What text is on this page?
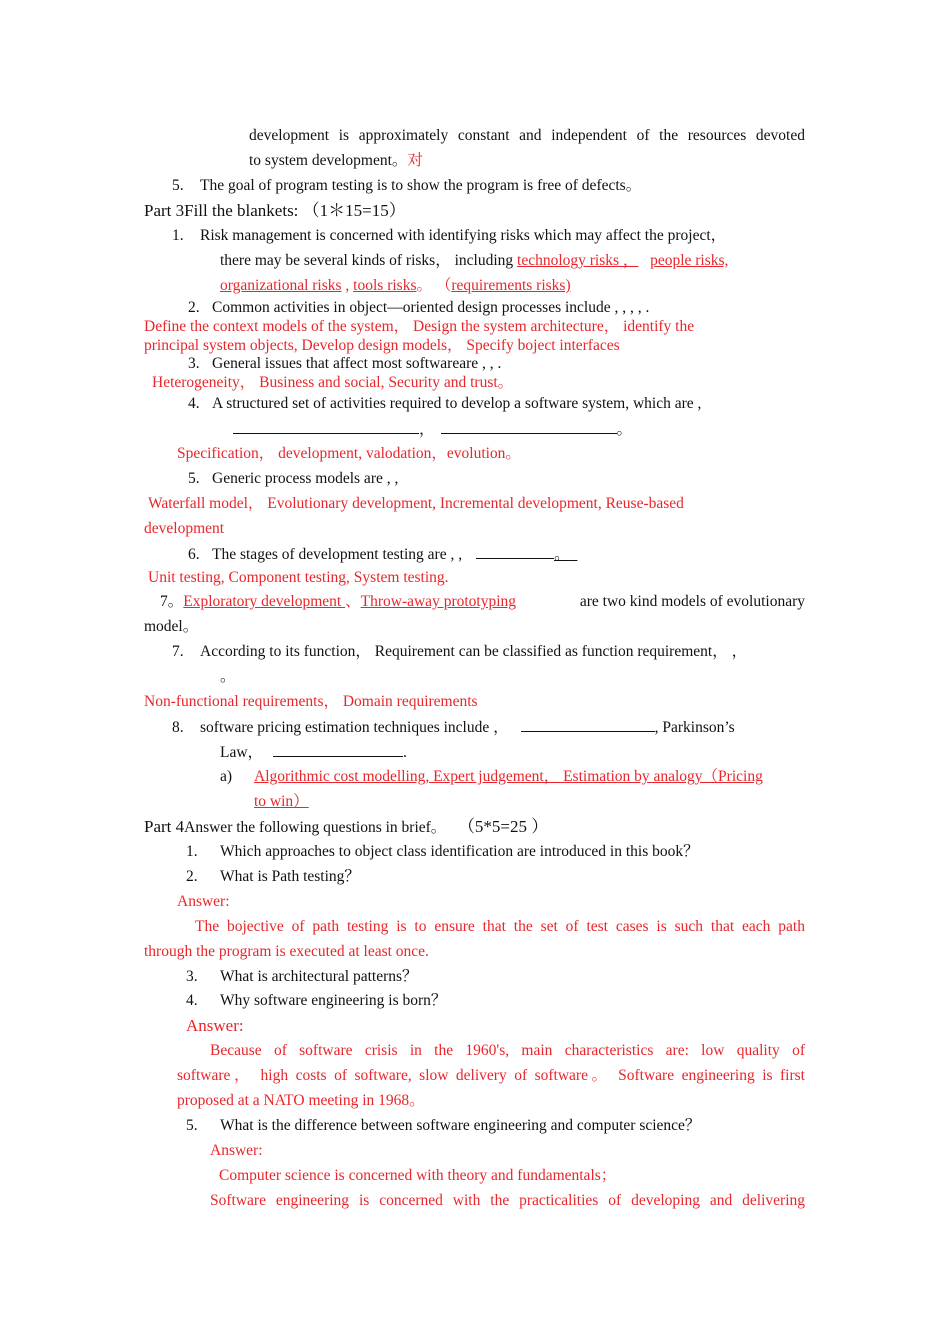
development is approximately constant and independent of the resources devoted
to system development。对
5. The goal of program testing is to show the program is free of defects。
Part 3Fill the blankets: （1＊15=15）
1. Risk management is concerned with identifying risks which may affect the project，
there may be several kinds of risks， including technology risks ， people risks,
organizational risks , tools risks。 （requirements risks)
2. Common activities in object—oriented design processes include , , , , .
Define the context models of the system， Design the system architecture， identify the
principal system objects, Develop design models， Specify boject interfaces
3. General issues that affect most softwareare , , .
Heterogeneity， Business and social, Security and trust。
4. A structured set of activities required to develop a software system, which are ,
，	。
Specification， development, valodation，evolution。
5. Generic process models are , ,
Waterfall model， Evolutionary development, Incremental development, Reuse-based
development
6. The stages of development testing are , ,	。
Unit testing, Component testing, System testing.
7。Exploratory development 、Throw-away prototyping	are two kind models of evolutionary
model。
7. According to its function， Requirement can be classified as function requirement， ，
。
Non-functional requirements， Domain requirements
8. software pricing estimation techniques include ，	, Parkinson’s
Law，	.
a) Algorithmic cost modelling, Expert judgement， Estimation by analogy（Pricing
to win）
Part 4Answer the following questions in brief。 （5*5=25 ）
1. Which approaches to object class identification are introduced in this book？
2. What is Path testing？
Answer:
The bojective of path testing is to ensure that the set of test cases is such that each path
through the program is executed at least once.
3. What is architectural patterns？
4. Why software engineering is born？
Answer:
Because of software crisis in the 1960's, main characteristics are: low quality of
software， high costs of software, slow delivery of software。 Software engineering is first
proposed at a NATO meeting in 1968。
5. What is the difference between software engineering and computer science？
Answer:
Computer science is concerned with theory and fundamentals；
Software engineering is concerned with the practicalities of developing and delivering
